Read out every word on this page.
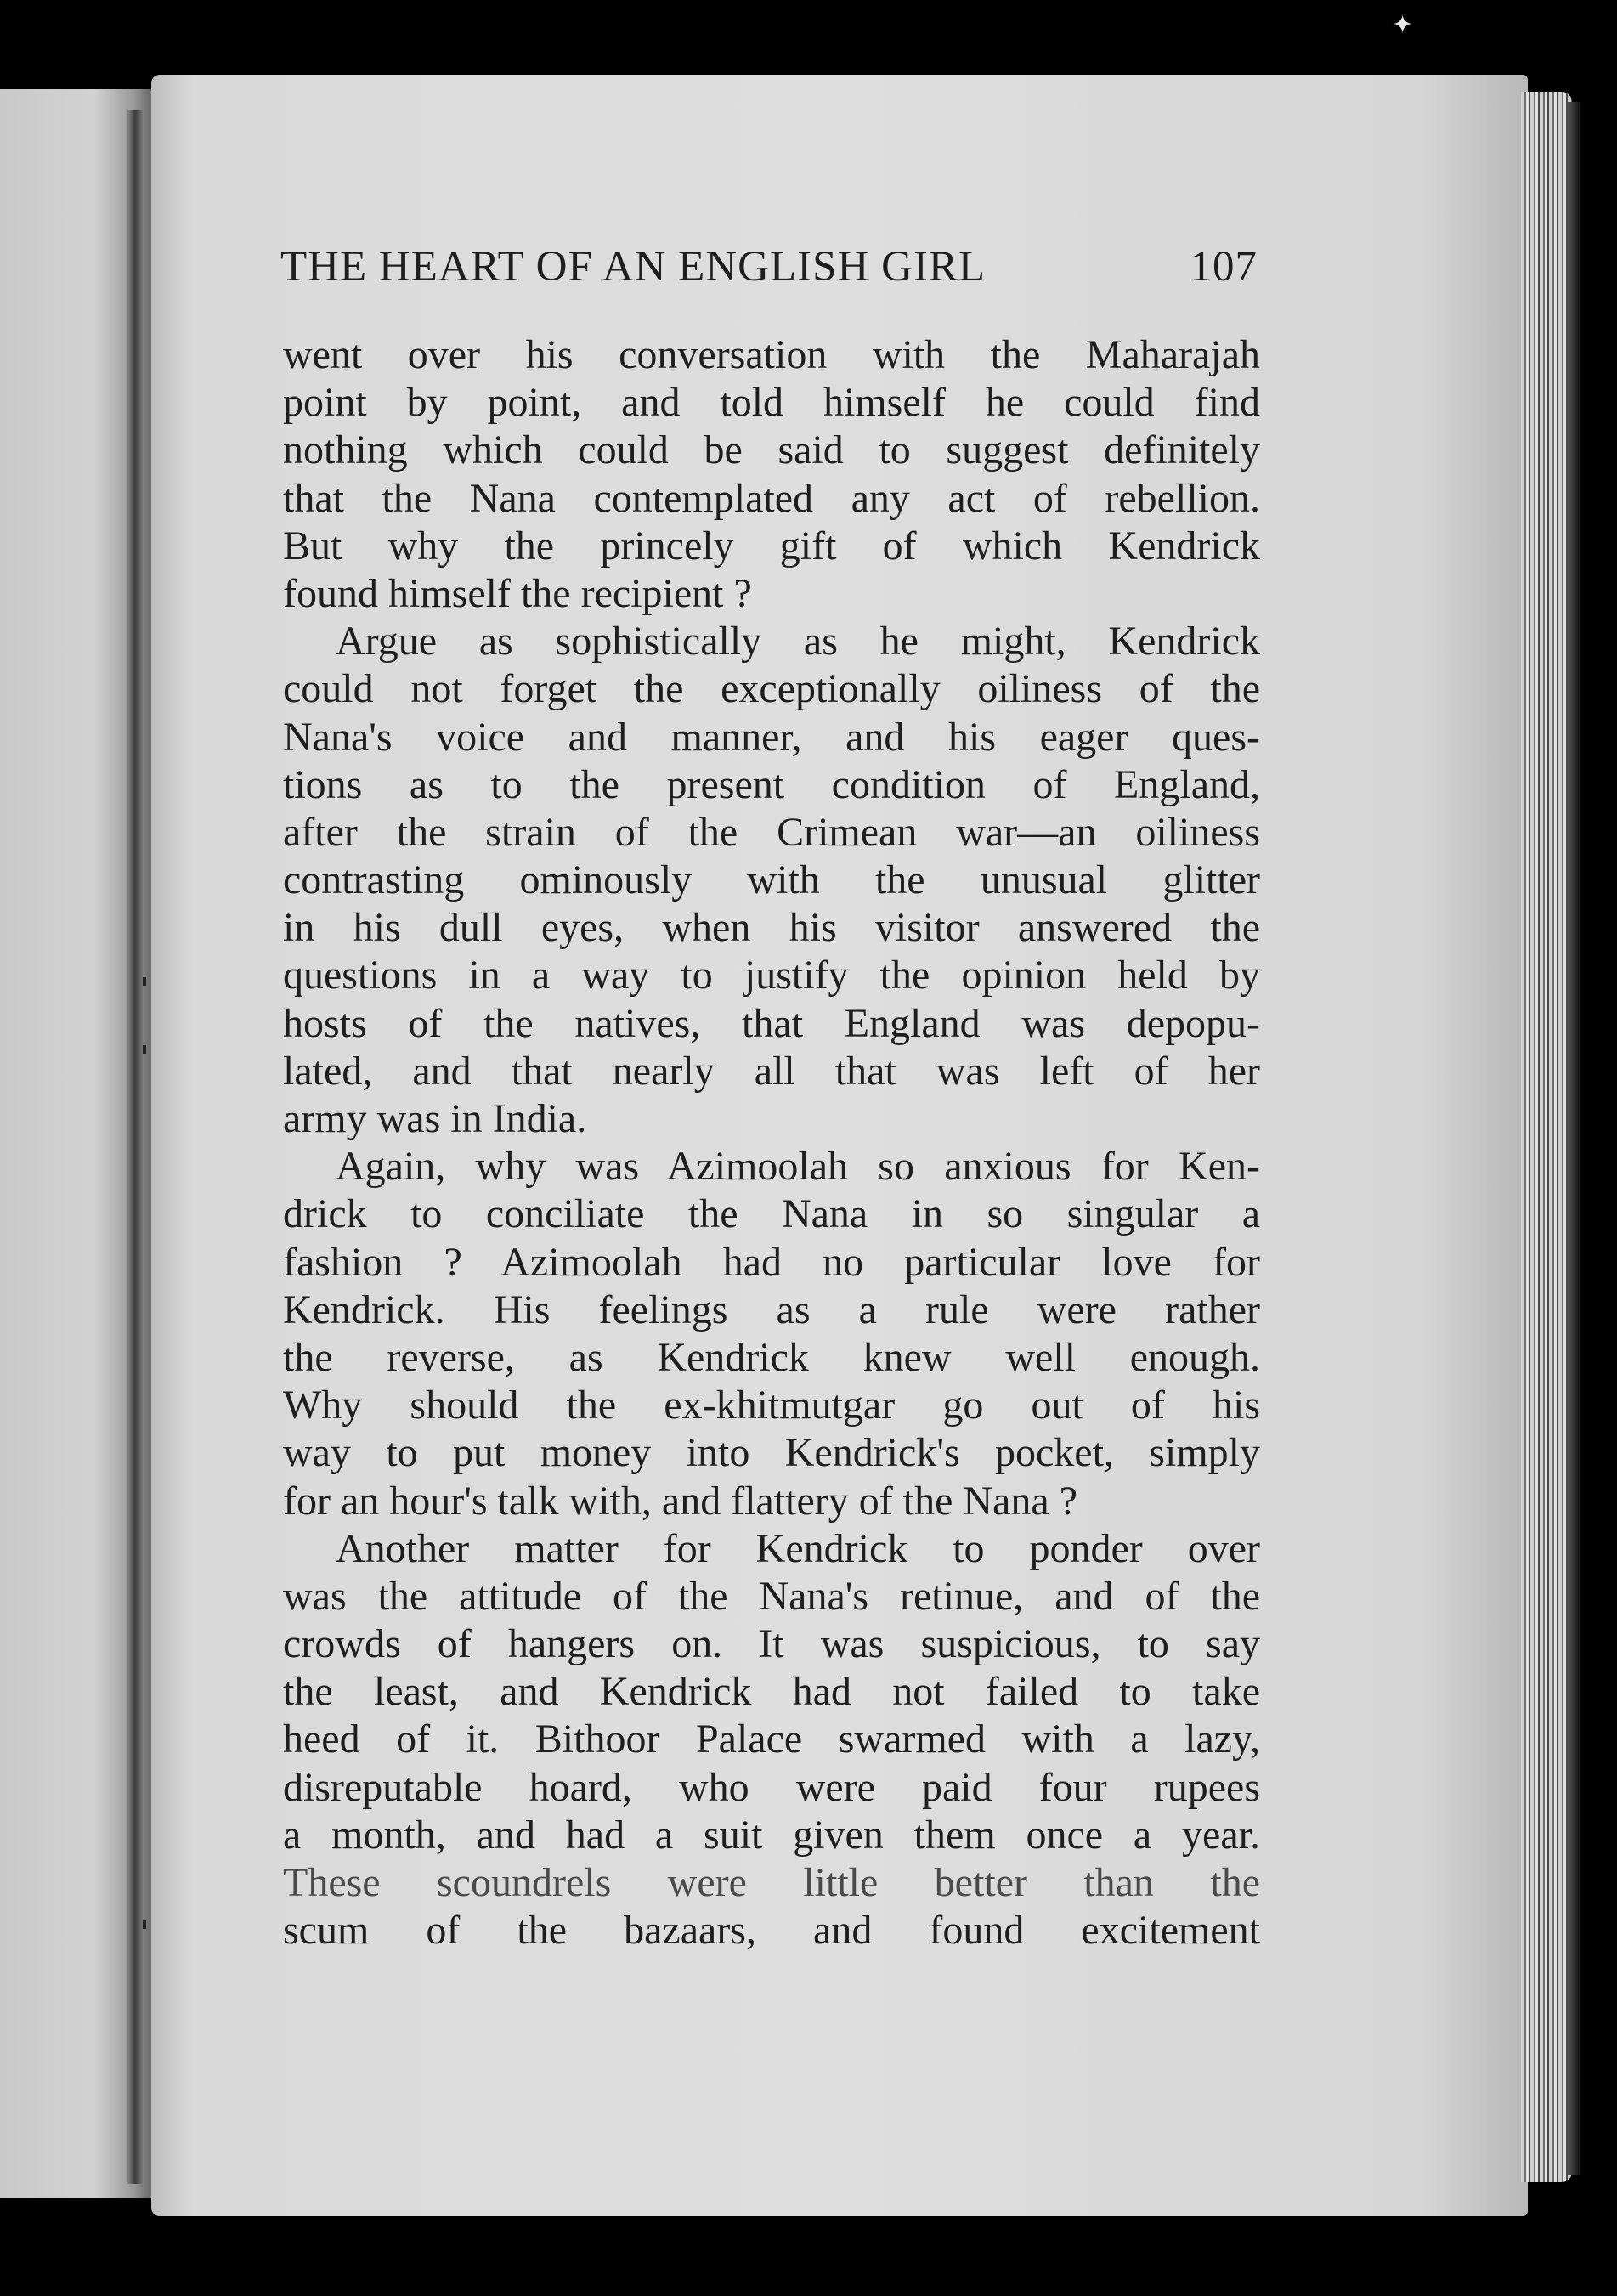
✦
THE HEART OF AN ENGLISH GIRL	107
went over his conversation with the Maharajah
point by point, and told himself he could find
nothing which could be said to suggest definitely
that the Nana contemplated any act of rebellion.
But why the princely gift of which Kendrick
found himself the recipient ?
Argue as sophistically as he might, Kendrick
could not forget the exceptionally oiliness of the
Nana's voice and manner, and his eager ques-
tions as to the present condition of England,
after the strain of the Crimean war—an oiliness
contrasting ominously with the unusual glitter
in his dull eyes, when his visitor answered the
questions in a way to justify the opinion held by
hosts of the natives, that England was depopu-
lated, and that nearly all that was left of her
army was in India.
Again, why was Azimoolah so anxious for Ken-
drick to conciliate the Nana in so singular a
fashion ? Azimoolah had no particular love for
Kendrick. His feelings as a rule were rather
the reverse, as Kendrick knew well enough.
Why should the ex-khitmutgar go out of his
way to put money into Kendrick's pocket, simply
for an hour's talk with, and flattery of the Nana ?
Another matter for Kendrick to ponder over
was the attitude of the Nana's retinue, and of the
crowds of hangers on. It was suspicious, to say
the least, and Kendrick had not failed to take
heed of it. Bithoor Palace swarmed with a lazy,
disreputable hoard, who were paid four rupees
a month, and had a suit given them once a year.
These scoundrels were little better than the
scum of the bazaars, and found excitement
